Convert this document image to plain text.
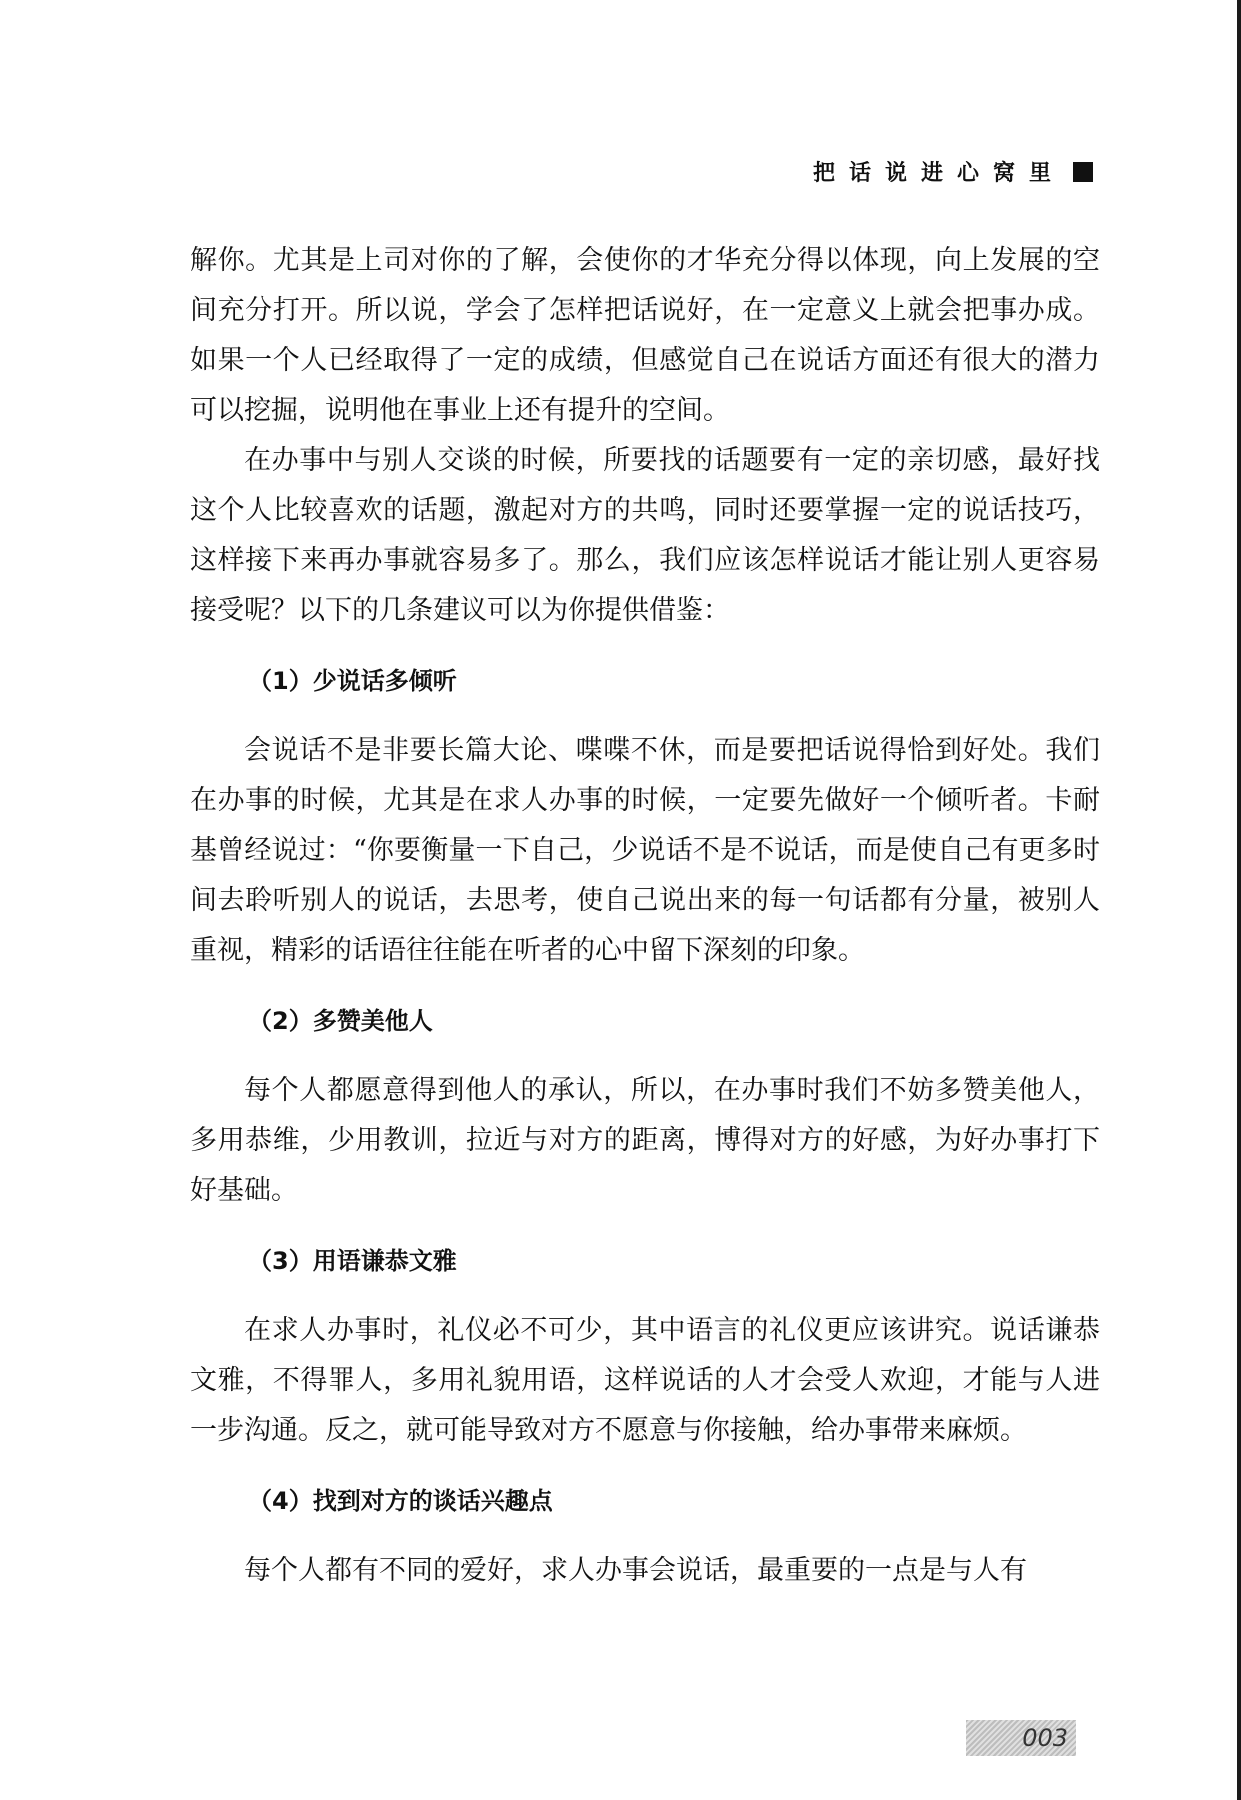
把话说进心窝里

解你。尤其是上司对你的了解，会使你的才华充分得以体现，向上发展的空间充分打开。所以说，学会了怎样把话说好，在一定意义上就会把事办成。如果一个人已经取得了一定的成绩，但感觉自己在说话方面还有很大的潜力可以挖掘，说明他在事业上还有提升的空间。

在办事中与别人交谈的时候，所要找的话题要有一定的亲切感，最好找这个人比较喜欢的话题，激起对方的共鸣，同时还要掌握一定的说话技巧，这样接下来再办事就容易多了。那么，我们应该怎样说话才能让别人更容易接受呢？以下的几条建议可以为你提供借鉴：

（1）少说话多倾听

会说话不是非要长篇大论、喋喋不休，而是要把话说得恰到好处。我们在办事的时候，尤其是在求人办事的时候，一定要先做好一个倾听者。卡耐基曾经说过：“你要衡量一下自己，少说话不是不说话，而是使自己有更多时间去聆听别人的说话，去思考，使自己说出来的每一句话都有分量，被别人重视，精彩的话语往往能在听者的心中留下深刻的印象。

（2）多赞美他人

每个人都愿意得到他人的承认，所以，在办事时我们不妨多赞美他人，多用恭维，少用教训，拉近与对方的距离，博得对方的好感，为好办事打下好基础。

（3）用语谦恭文雅

在求人办事时，礼仪必不可少，其中语言的礼仪更应该讲究。说话谦恭文雅，不得罪人，多用礼貌用语，这样说话的人才会受人欢迎，才能与人进一步沟通。反之，就可能导致对方不愿意与你接触，给办事带来麻烦。

（4）找到对方的谈话兴趣点

每个人都有不同的爱好，求人办事会说话，最重要的一点是与人有

003
